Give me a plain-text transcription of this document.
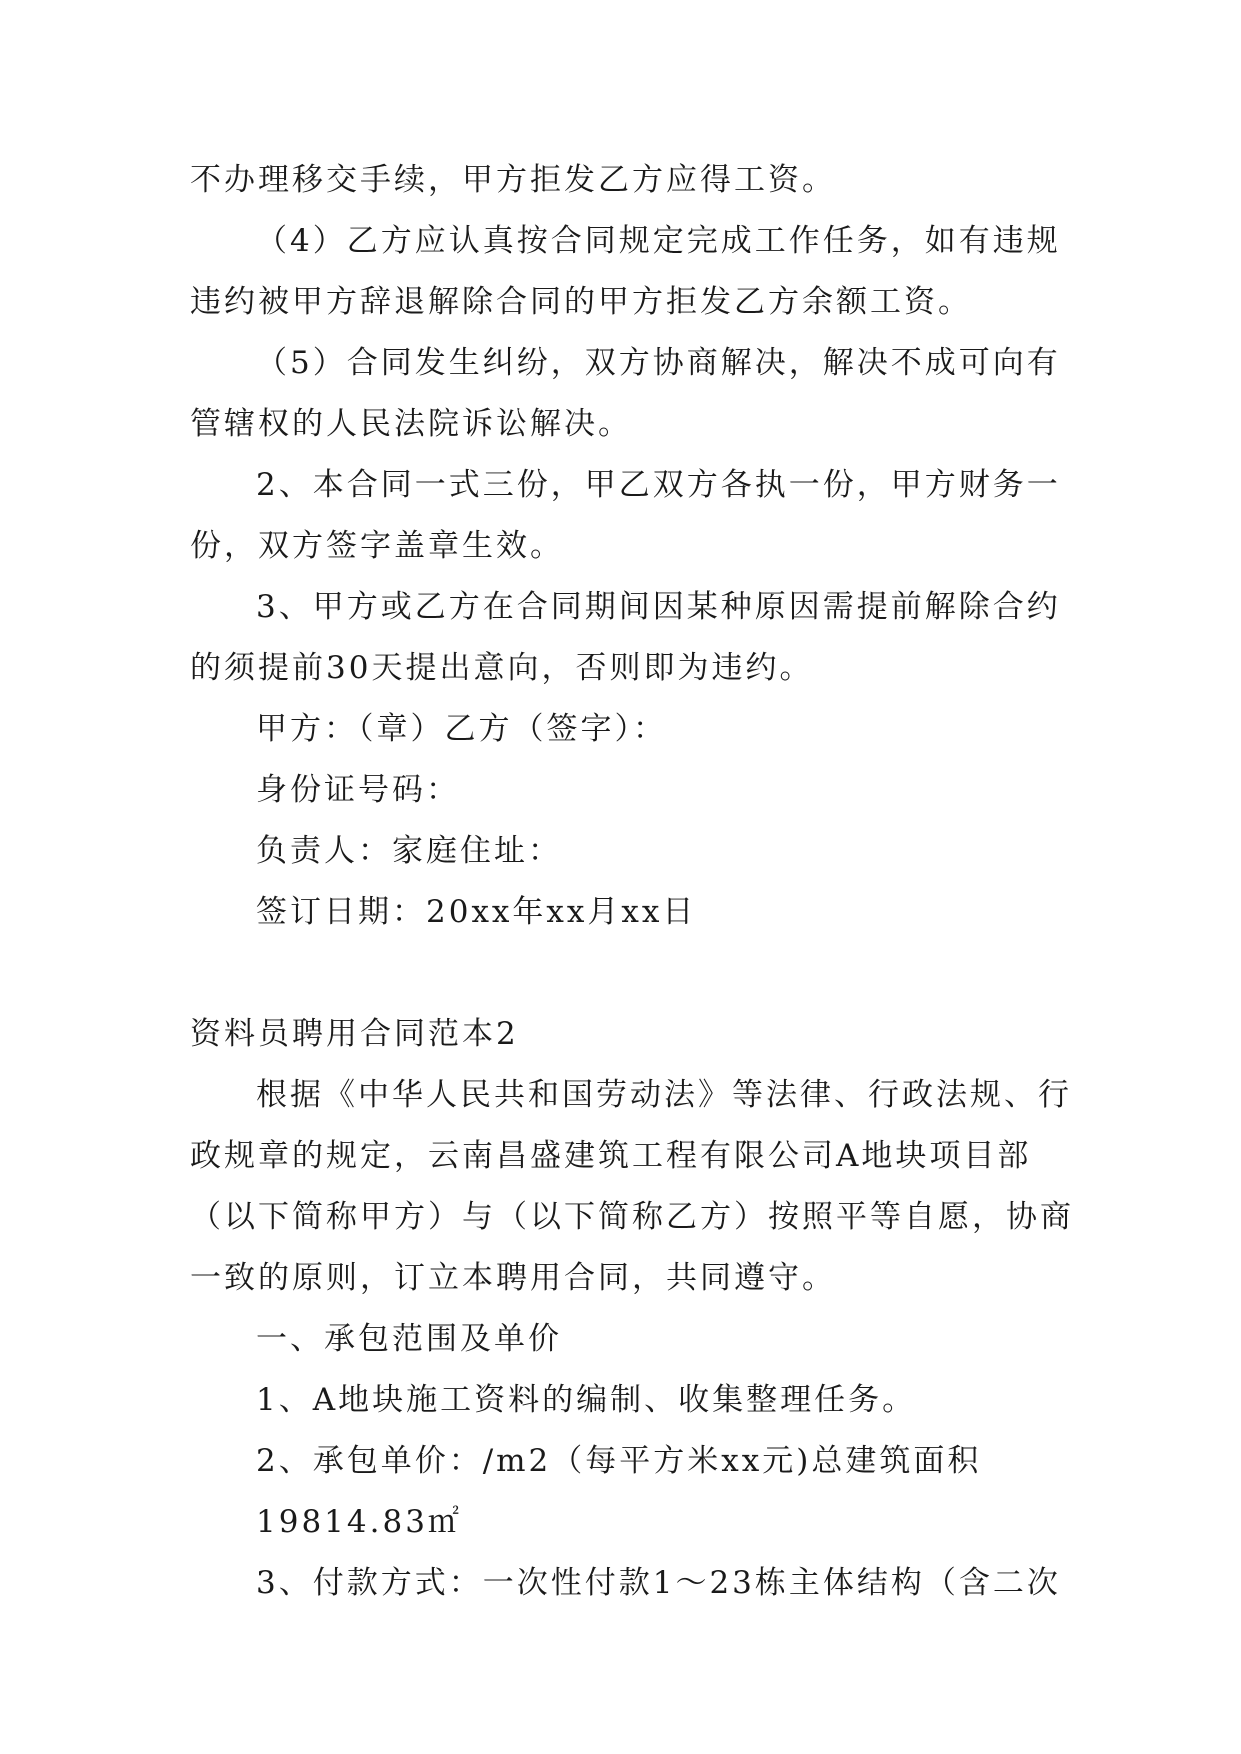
不办理移交手续，甲方拒发乙方应得工资。

（4）乙方应认真按合同规定完成工作任务，如有违规

违约被甲方辞退解除合同的甲方拒发乙方余额工资。

（5）合同发生纠纷，双方协商解决，解决不成可向有

管辖权的人民法院诉讼解决。

2、本合同一式三份，甲乙双方各执一份，甲方财务一

份，双方签字盖章生效。

3、甲方或乙方在合同期间因某种原因需提前解除合约

的须提前30天提出意向，否则即为违约。

甲方：（章）乙方（签字）：

身份证号码：

负责人：家庭住址：

签订日期：20xx年xx月xx日

资料员聘用合同范本2

根据《中华人民共和国劳动法》等法律、行政法规、行

政规章的规定，云南昌盛建筑工程有限公司A地块项目部

（以下简称甲方）与（以下简称乙方）按照平等自愿，协商

一致的原则，订立本聘用合同，共同遵守。

一、承包范围及单价

1、A地块施工资料的编制、收集整理任务。

2、承包单价：/m2（每平方米xx元)总建筑面积

19814.83㎡

3、付款方式：一次性付款1～23栋主体结构（含二次
